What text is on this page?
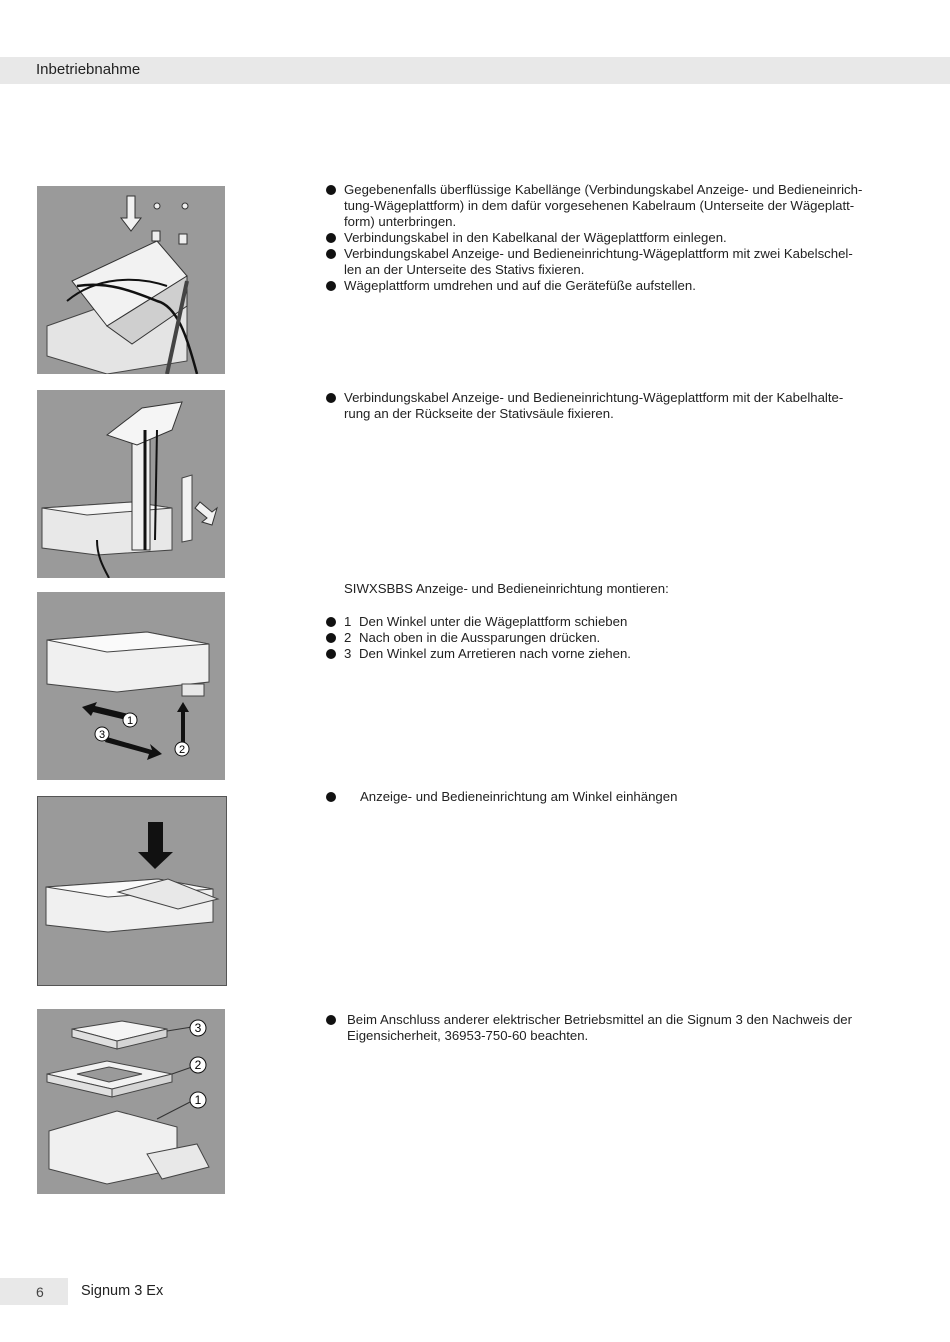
Inbetriebnahme
1
2
3
3
2
1
Gegebenenfalls überflüssige Kabellänge (Verbindungskabel Anzeige- und Bedieneinrich-
tung-Wägeplattform) in dem dafür vorgesehenen Kabelraum (Unterseite der Wägeplatt-
form) unterbringen.
Verbindungskabel in den Kabelkanal der Wägeplattform einlegen.
Verbindungskabel Anzeige- und Bedieneinrichtung-Wägeplattform mit zwei Kabelschel-
len an der Unterseite des Stativs fixieren.
Wägeplattform umdrehen und auf die Gerätefüße aufstellen.
Verbindungskabel Anzeige- und Bedieneinrichtung-Wägeplattform mit der Kabelhalte-
rung an der Rückseite der Stativsäule fixieren.
SIWXSBBS Anzeige- und Bedieneinrichtung montieren:
1 Den Winkel unter die Wägeplattform schieben
2 Nach oben in die Aussparungen drücken.
3 Den Winkel zum Arretieren nach vorne ziehen.
Anzeige- und Bedieneinrichtung am Winkel einhängen
Beim Anschluss anderer elektrischer Betriebsmittel an die Signum 3 den Nachweis der
Eigensicherheit, 36953-750-60 beachten.
6	Signum 3 Ex
